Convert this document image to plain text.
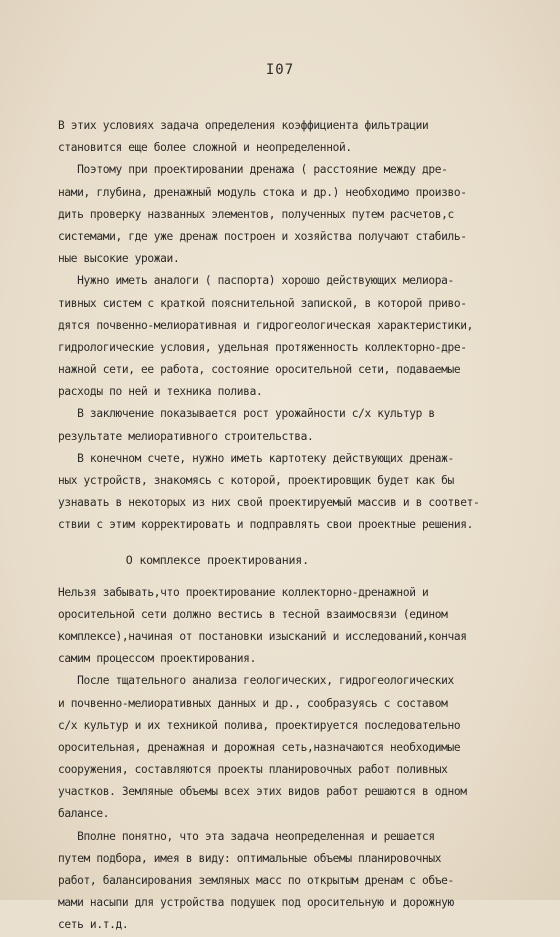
I07
В этих условиях задача определения коэффициента фильтрации
становится еще более сложной и неопределенной.
Поэтому при проектировании дренажа ( расстояние между дре-
нами, глубина, дренажный модуль стока и др.) необходимо произво-
дить проверку названных элементов, полученных путем расчетов,с
системами, где уже дренаж построен и хозяйства получают стабиль-
ные высокие урожаи.
Нужно иметь аналоги ( паспорта) хорошо действующих мелиора-
тивных систем с краткой пояснительной запиской, в которой приво-
дятся почвенно-мелиоративная и гидрогеологическая характеристики,
гидрологические условия, удельная протяженность коллекторно-дре-
нажной сети, ее работа, состояние оросительной сети, подаваемые
расходы по ней и техника полива.
В заключение показывается рост урожайности с/х культур в
результате мелиоративного строительства.
В конечном счете, нужно иметь картотеку действующих дренаж-
ных устройств, знакомясь с которой, проектировщик будет как бы
узнавать в некоторых из них свой проектируемый массив и в соответ-
ствии с этим корректировать и подправлять свои проектные решения.
О комплексе проектирования.
Нельзя забывать,что проектирование коллекторно-дренажной и
оросительной сети должно вестись в тесной взаимосвязи (едином
комплексе),начиная от постановки изысканий и исследований,кончая
самим процессом проектирования.
После тщательного анализа геологических, гидрогеологических
и почвенно-мелиоративных данных и др., сообразуясь с составом
с/х культур и их техникой полива, проектируется последовательно
оросительная, дренажная и дорожная сеть,назначаются необходимые
сооружения, составляются проекты планировочных работ поливных
участков. Земляные объемы всех этих видов работ решаются в одном
балансе.
Вполне понятно, что эта задача неопределенная и решается
путем подбора, имея в виду: оптимальные объемы планировочных
работ, балансирования земляных масс по открытым дренам с объе-
мами насыпи для устройства подушек под оросительную и дорожную
сеть и.т.д.
